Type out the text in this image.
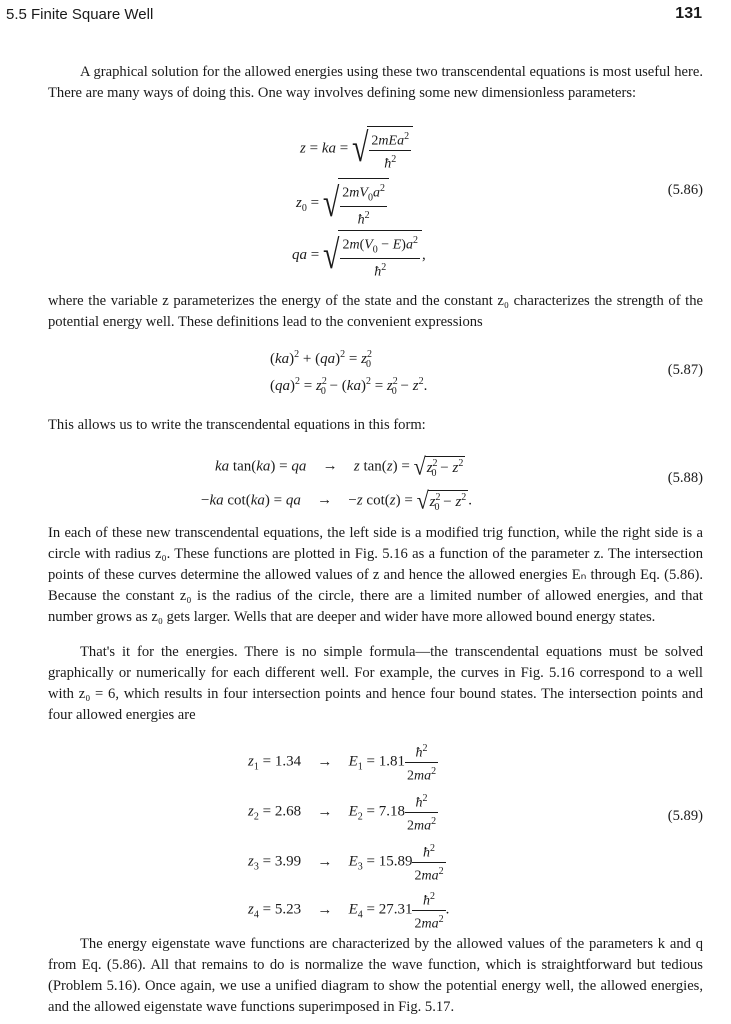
5.5 Finite Square Well	131

A graphical solution for the allowed energies using these two transcendental equations is most useful here. There are many ways of doing this. One way involves defining some new dimensionless parameters:

z = ka = √ $\frac{2mEa^2}{ħ^2}$
$z_0$ = √ $\frac{2mV_0a^2}{ħ^2}$
qa = √ $\frac{2m(V_0 - E)a^2}{ħ^2}$ ,
(5.86)

where the variable z parameterizes the energy of the state and the constant z₀ characterizes the strength of the potential energy well. These definitions lead to the convenient expressions

$(ka)^2 + (qa)^2 = z^2_0$
$(qa)^2 = z^2_0 - (ka)^2 = z^2_0 - z^2$.
(5.87)

This allows us to write the transcendental equations in this form:

ka tan(ka) = qa → z tan(z) = √ $z^2_0 - z^2$
−ka cot(ka) = qa → −z cot(z) = √ $z^2_0 - z^2$ .
(5.88)

In each of these new transcendental equations, the left side is a modified trig function, while the right side is a circle with radius z₀. These functions are plotted in Fig. 5.16 as a function of the parameter z. The intersection points of these curves determine the allowed values of z and hence the allowed energies Eₙ through Eq. (5.86). Because the constant z₀ is the radius of the circle, there are a limited number of allowed energies, and that number grows as z₀ gets larger. Wells that are deeper and wider have more allowed bound energy states.

That's it for the energies. There is no simple formula—the transcendental equations must be solved graphically or numerically for each different well. For example, the curves in Fig. 5.16 correspond to a well with z₀ = 6, which results in four intersection points and hence four bound states. The intersection points and four allowed energies are

$z_1 = 1.34 \to E_1 = 1.81 \frac{ħ^2}{2ma^2}$
$z_2 = 2.68 \to E_2 = 7.18 \frac{ħ^2}{2ma^2}$
$z_3 = 3.99 \to E_3 = 15.89 \frac{ħ^2}{2ma^2}$
$z_4 = 5.23 \to E_4 = 27.31 \frac{ħ^2}{2ma^2}$ .
(5.89)

The energy eigenstate wave functions are characterized by the allowed values of the parameters k and q from Eq. (5.86). All that remains to do is normalize the wave function, which is straightforward but tedious (Problem 5.16). Once again, we use a unified diagram to show the potential energy well, the allowed energies, and the allowed eigenstate wave functions superimposed in Fig. 5.17.
